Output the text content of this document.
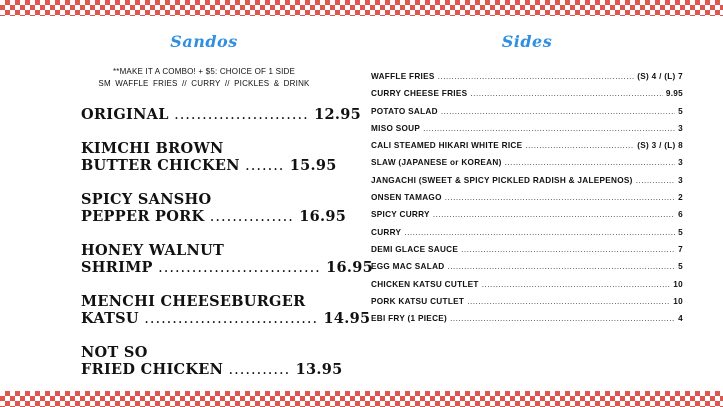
Sandos
**MAKE IT A COMBO! + $5: CHOICE OF 1 SIDE
SM WAFFLE FRIES // CURRY // PICKLES & DRINK
ORIGINAL ........................ 12.95
KIMCHI BROWN
BUTTER CHICKEN ....... 15.95
SPICY SANSHO
PEPPER PORK ............... 16.95
HONEY WALNUT
SHRIMP ............................. 16.95
MENCHI CHEESEBURGER
KATSU ............................... 14.95
NOT SO
FRIED CHICKEN ........... 13.95
Sides
WAFFLE FRIES .....	(S) 4 / (L) 7
CURRY CHEESE FRIES .....	9.95
POTATO SALAD .....	5
MISO SOUP .....	3
CALI STEAMED HIKARI WHITE RICE .....	(S) 3 / (L) 8
SLAW (JAPANESE or KOREAN) .....	3
JANGACHI (SWEET & SPICY PICKLED RADISH & JALEPENOS) .....	3
ONSEN TAMAGO .....	2
SPICY CURRY .....	6
CURRY .....	5
DEMI GLACE SAUCE .....	7
EGG MAC SALAD .....	5
CHICKEN KATSU CUTLET .....	10
PORK KATSU CUTLET .....	10
EBI FRY (1 PIECE) .....	4
